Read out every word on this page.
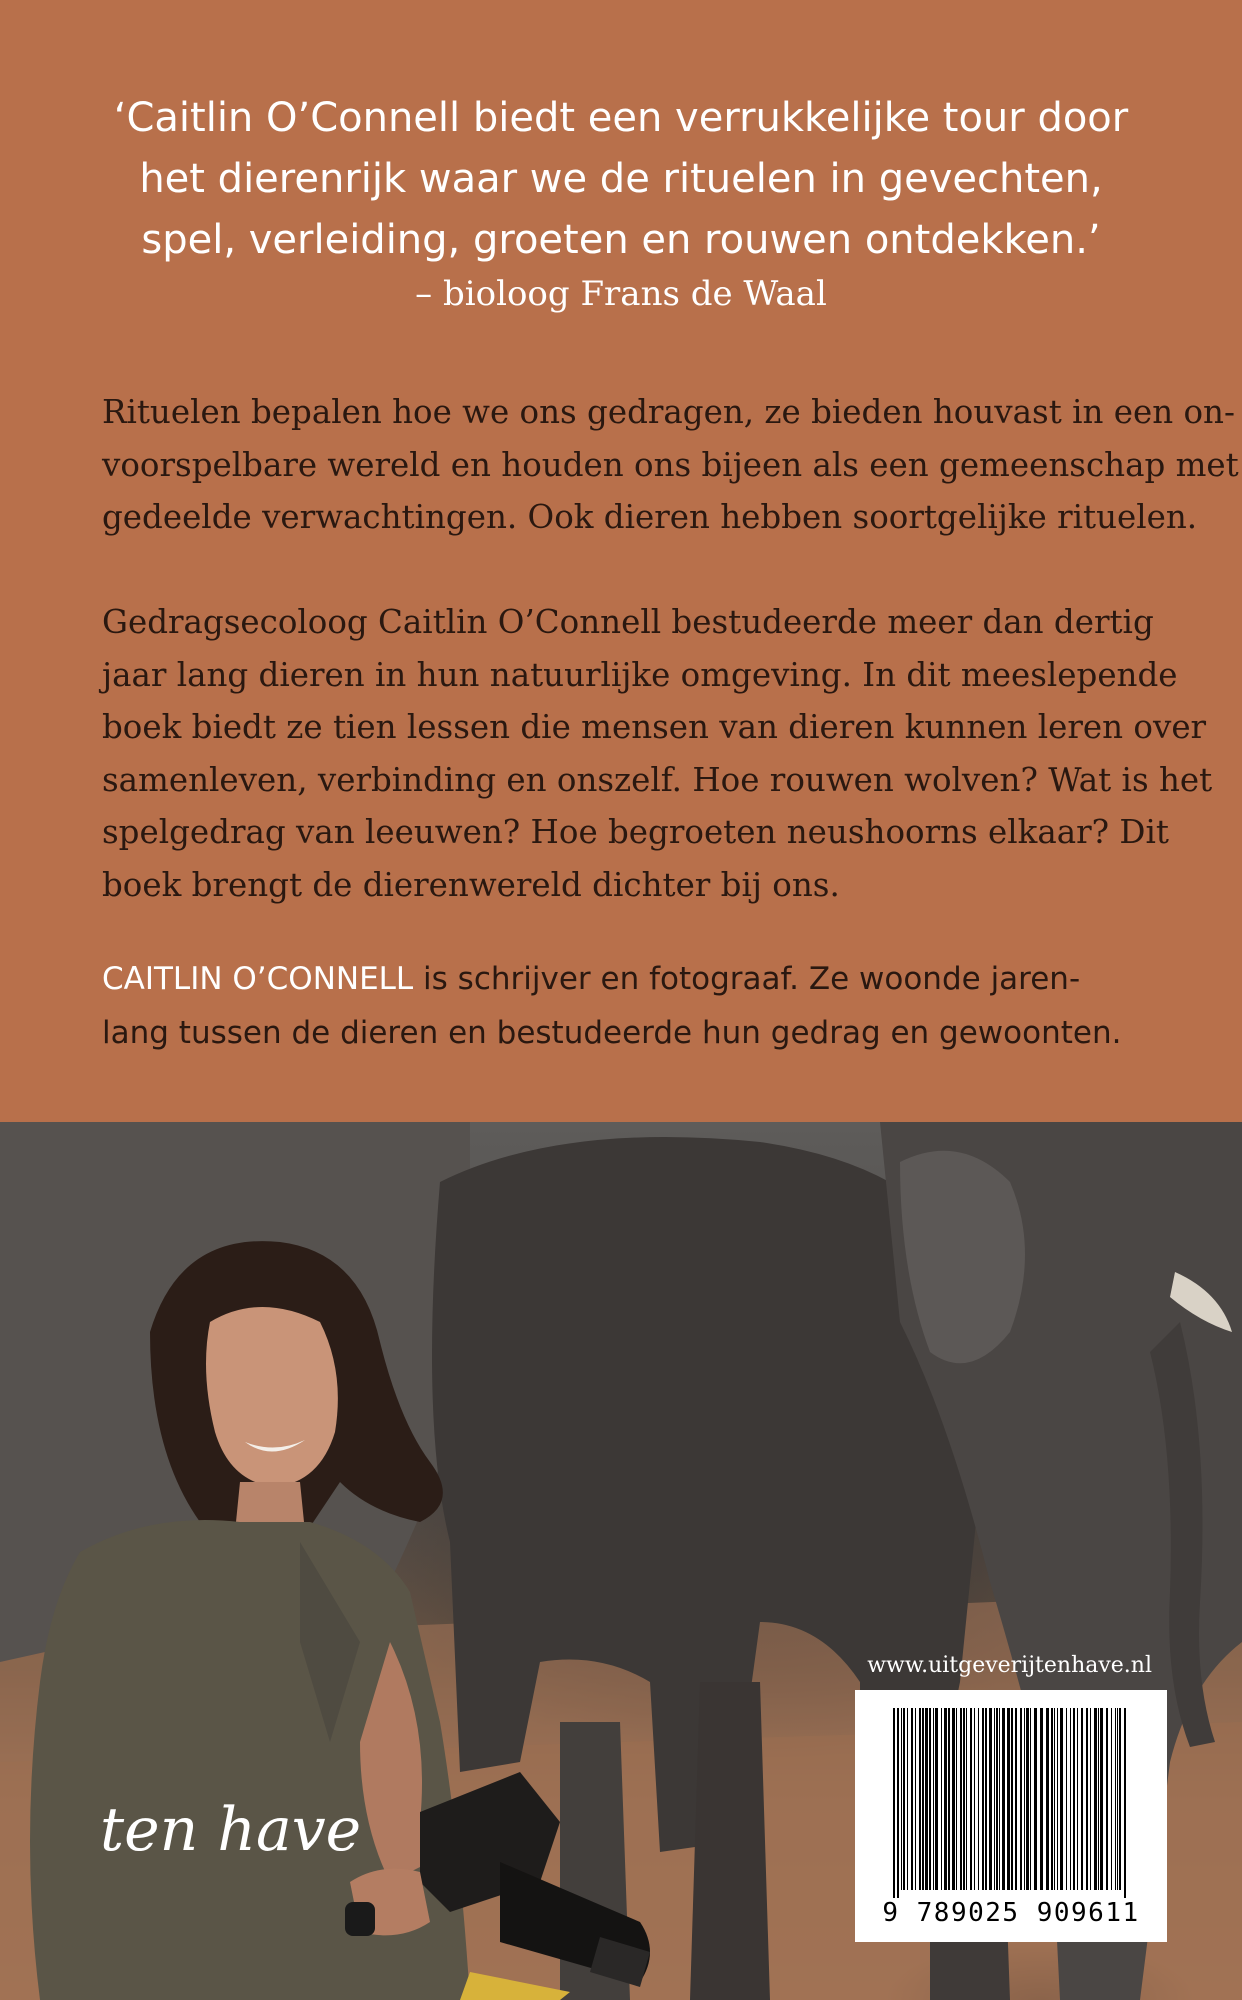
‘Caitlin O’Connell biedt een verrukkelijke tour door
het dierenrijk waar we de rituelen in gevechten,
spel, verleiding, groeten en rouwen ontdekken.’
– bioloog Frans de Waal
Rituelen bepalen hoe we ons gedragen, ze bieden houvast in een on-
voorspelbare wereld en houden ons bijeen als een gemeenschap met
gedeelde verwachtingen. Ook dieren hebben soortgelijke rituelen.
Gedragsecoloog Caitlin O’Connell bestudeerde meer dan dertig
jaar lang dieren in hun natuurlijke omgeving. In dit meeslepende
boek biedt ze tien lessen die mensen van dieren kunnen leren over
samenleven, verbinding en onszelf. Hoe rouwen wolven? Wat is het
spelgedrag van leeuwen? Hoe begroeten neushoorns elkaar? Dit
boek brengt de dierenwereld dichter bij ons.
CAITLIN O’CONNELL is schrijver en fotograaf. Ze woonde jaren-
lang tussen de dieren en bestudeerde hun gedrag en gewoonten.
ten have
www.uitgeverijtenhave.nl
9 789025 909611
